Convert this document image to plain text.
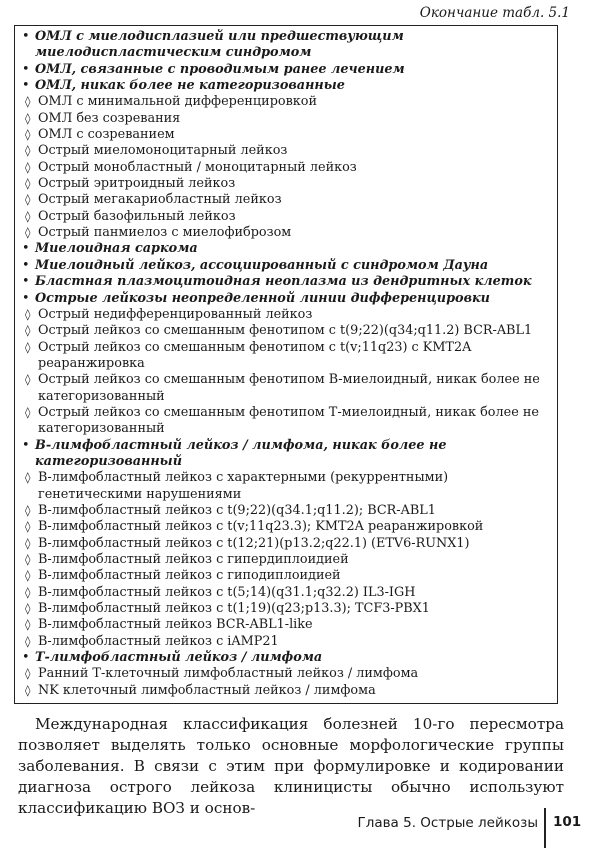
Окончание табл. 5.1
• ОМЛ с миелодисплазией или предшествующим миелодиспластическим синдромом
• ОМЛ, связанные с проводимым ранее лечением
• ОМЛ, никак более не категоризованные
◊ ОМЛ с минимальной дифференцировкой
◊ ОМЛ без созревания
◊ ОМЛ с созреванием
◊ Острый миеломоноцитарный лейкоз
◊ Острый монобластный / моноцитарный лейкоз
◊ Острый эритроидный лейкоз
◊ Острый мегакариобластный лейкоз
◊ Острый базофильный лейкоз
◊ Острый панмиелоз с миелофиброзом
• Миелоидная саркома
• Миелоидный лейкоз, ассоциированный с синдромом Дауна
• Бластная плазмоцитоидная неоплазма из дендритных клеток
• Острые лейкозы неопределенной линии дифференцировки
◊ Острый недифференцированный лейкоз
◊ Острый лейкоз со смешанным фенотипом с t(9;22)(q34;q11.2) BCR-ABL1
◊ Острый лейкоз со смешанным фенотипом с t(v;11q23) с KMT2A реаранжировка
◊ Острый лейкоз со смешанным фенотипом В-миелоидный, никак более не категоризованный
◊ Острый лейкоз со смешанным фенотипом Т-миелоидный, никак более не категоризованный
• В-лимфобластный лейкоз / лимфома, никак более не категоризованный
◊ В-лимфобластный лейкоз с характерными (рекуррентными) генетическими нарушениями
◊ В-лимфобластный лейкоз с t(9;22)(q34.1;q11.2); BCR-ABL1
◊ В-лимфобластный лейкоз с t(v;11q23.3); KMT2A реаранжировкой
◊ В-лимфобластный лейкоз с t(12;21)(p13.2;q22.1) (ETV6-RUNX1)
◊ В-лимфобластный лейкоз с гипердиплоидией
◊ В-лимфобластный лейкоз с гиподиплоидией
◊ В-лимфобластный лейкоз с t(5;14)(q31.1;q32.2) IL3-IGH
◊ В-лимфобластный лейкоз с t(1;19)(q23;p13.3); TCF3-PBX1
◊ В-лимфобластный лейкоз BCR-ABL1-like
◊ В-лимфобластный лейкоз с iAMP21
• Т-лимфобластный лейкоз / лимфома
◊ Ранний Т-клеточный лимфобластный лейкоз / лимфома
◊ NK клеточный лимфобластный лейкоз / лимфома

Международная классификация болезней 10-го пересмотра позволяет выделять только основные морфологические группы заболевания. В связи с этим при формулировке и кодировании диагноза острого лейкоза клиницисты обычно используют классификацию ВОЗ и основ-

Глава 5. Острые лейкозы 101
